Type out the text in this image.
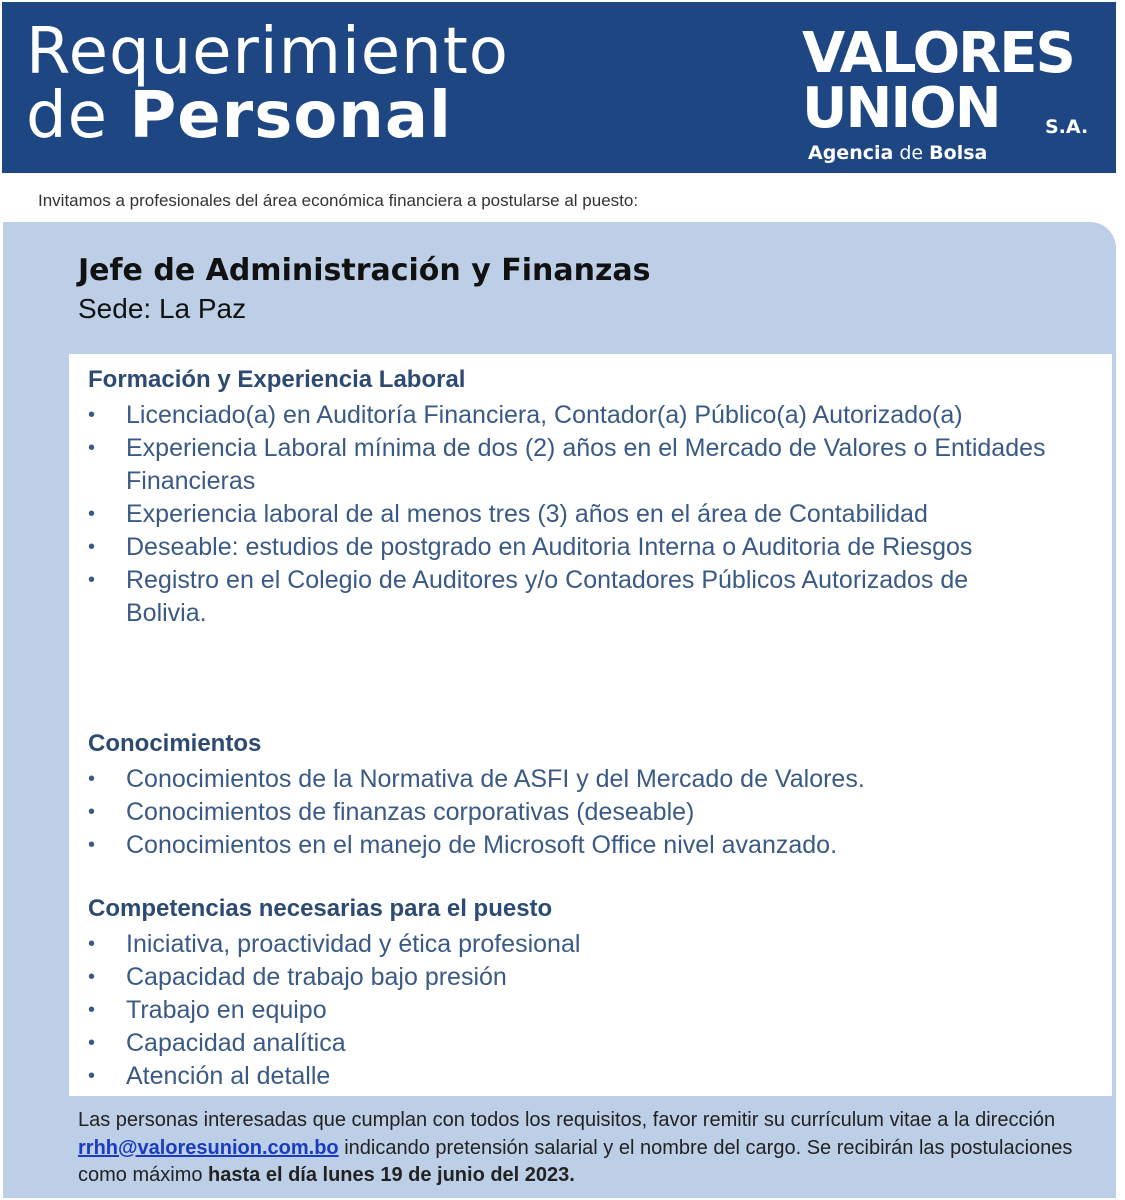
Requerimiento
de Personal
VALORES
UNION S.A.
Agencia de Bolsa
Invitamos a profesionales del área económica financiera a postularse al puesto:
Jefe de Administración y Finanzas
Sede: La Paz
Formación y Experiencia Laboral
• Licenciado(a) en Auditoría Financiera, Contador(a) Público(a) Autorizado(a)
• Experiencia Laboral mínima de dos (2) años en el Mercado de Valores o Entidades Financieras
• Experiencia laboral de al menos tres (3) años en el área de Contabilidad
• Deseable: estudios de postgrado en Auditoria Interna o Auditoria de Riesgos
• Registro en el Colegio de Auditores y/o Contadores Públicos Autorizados de Bolivia.
Conocimientos
• Conocimientos de la Normativa de ASFI y del Mercado de Valores.
• Conocimientos de finanzas corporativas (deseable)
• Conocimientos en el manejo de Microsoft Office nivel avanzado.
Competencias necesarias para el puesto
• Iniciativa, proactividad y ética profesional
• Capacidad de trabajo bajo presión
• Trabajo en equipo
• Capacidad analítica
• Atención al detalle
Las personas interesadas que cumplan con todos los requisitos, favor remitir su currículum vitae a la dirección rrhh@valoresunion.com.bo indicando pretensión salarial y el nombre del cargo. Se recibirán las postulaciones como máximo hasta el día lunes 19 de junio del 2023.
